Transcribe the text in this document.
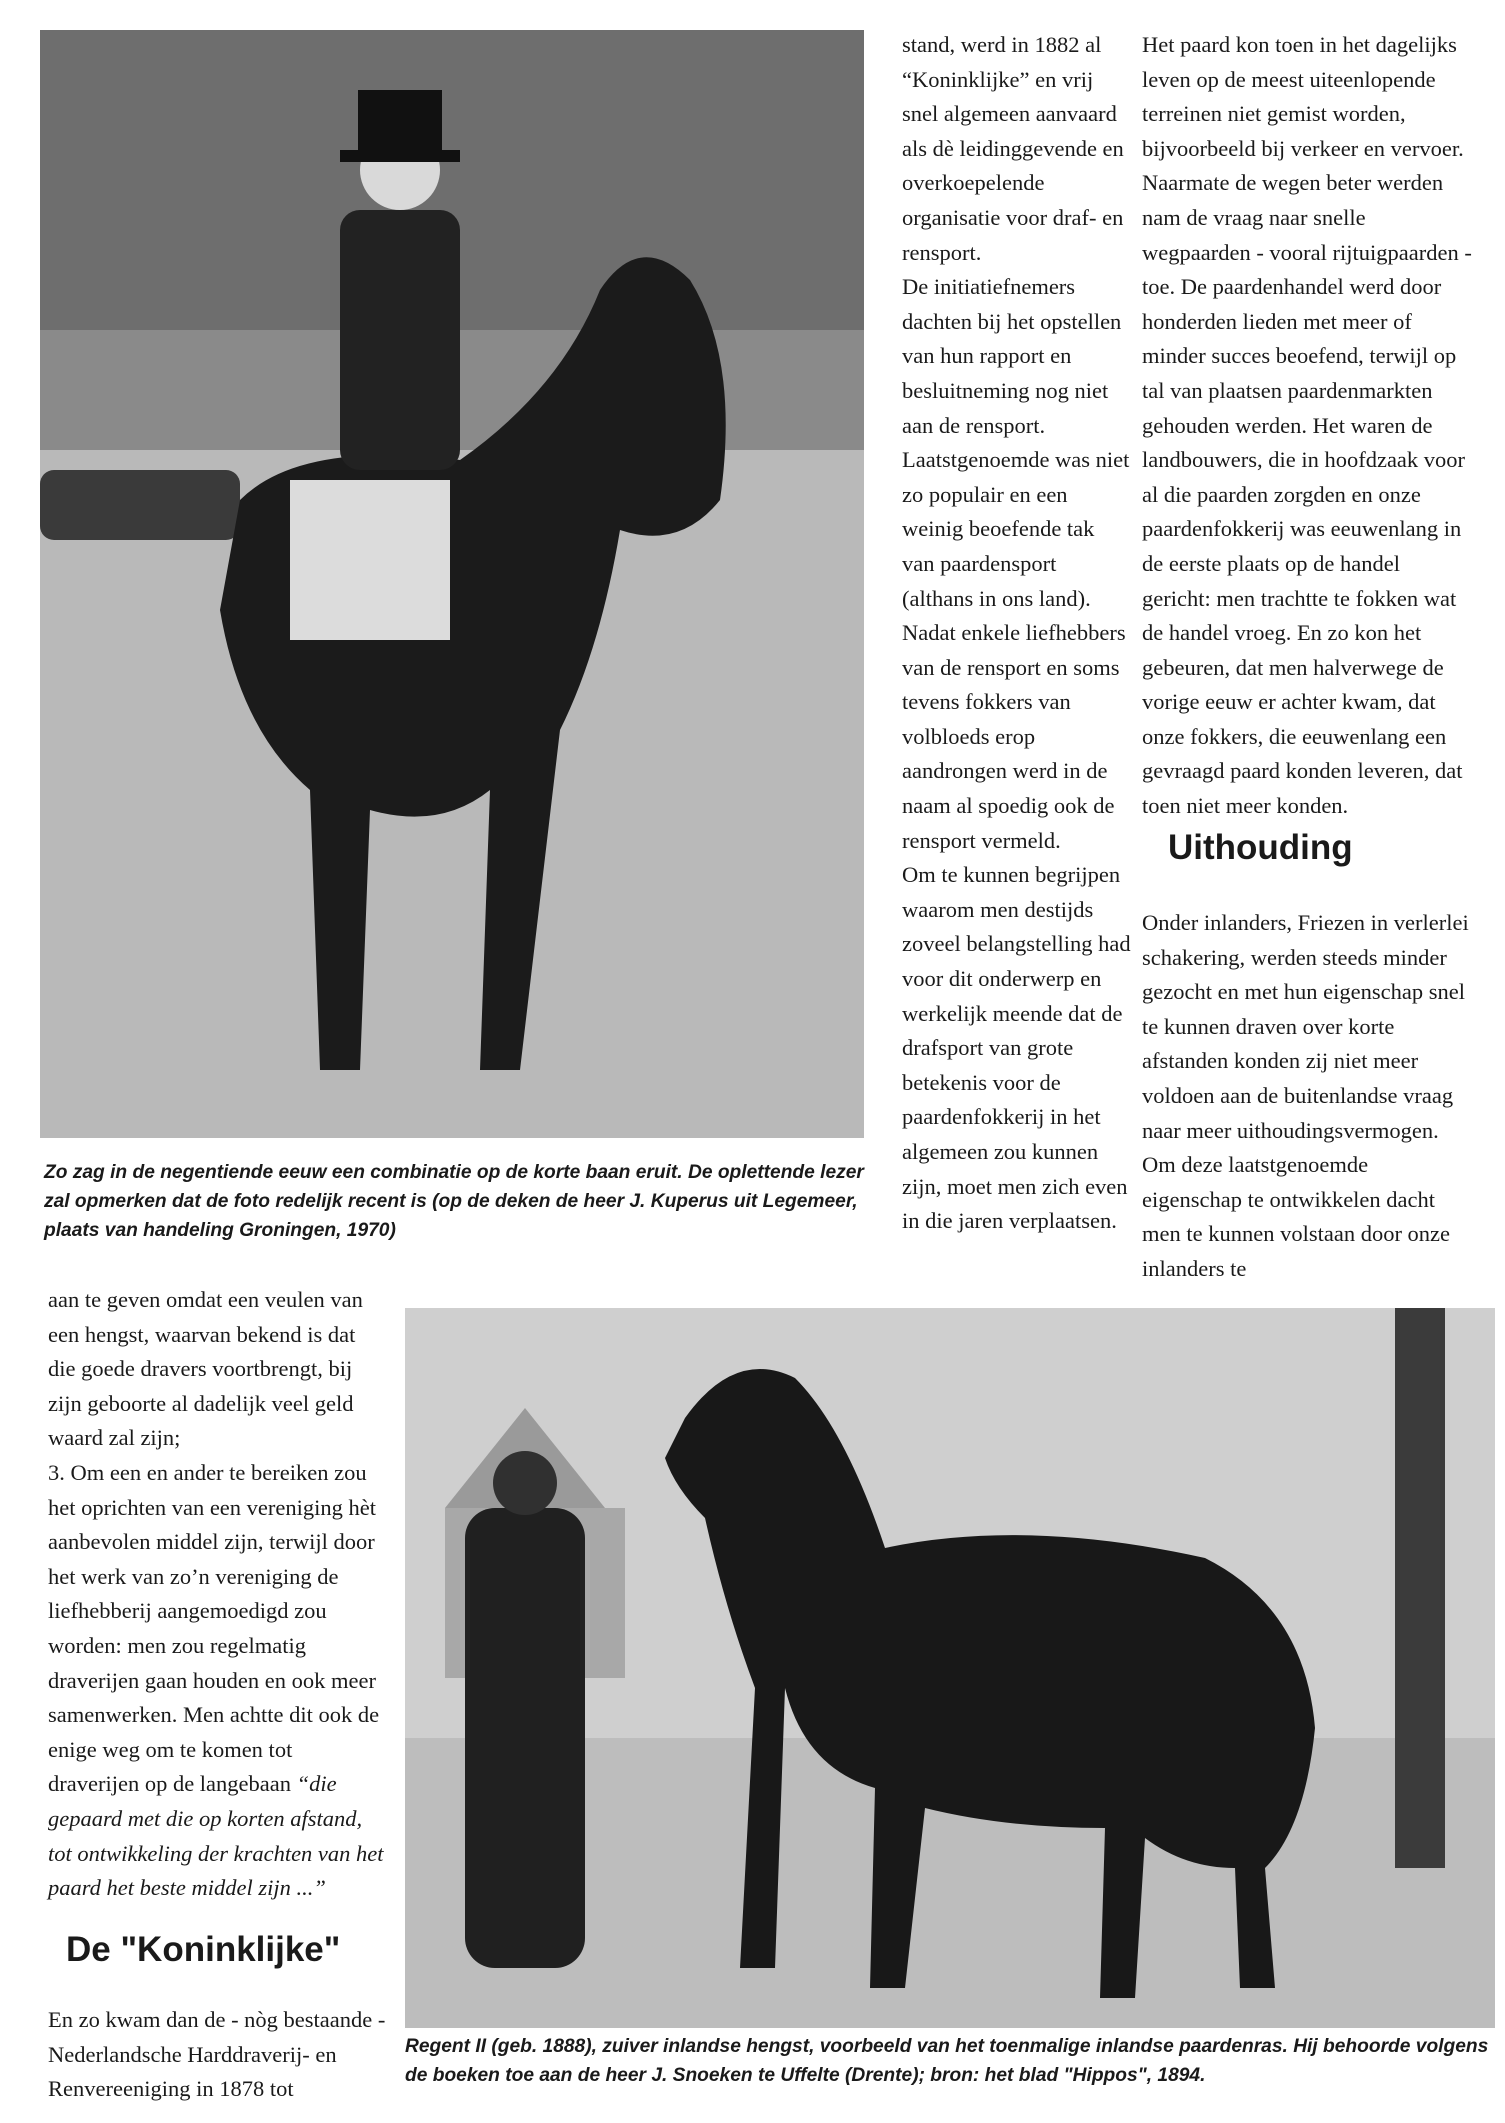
stand, werd in 1882 al “Koninklijke” en vrij snel algemeen aanvaard als dè leidinggevende en overkoepelende organisatie voor draf- en rensport.

De initiatiefnemers dachten bij het opstellen van hun rapport en besluitneming nog niet aan de rensport. Laatstgenoemde was niet zo populair en een weinig beoefende tak van paardensport (althans in ons land). Nadat enkele liefhebbers van de rensport en soms tevens fokkers van volbloeds erop aandrongen werd in de naam al spoedig ook de rensport vermeld.

Om te kunnen begrijpen waarom men destijds zoveel belangstelling had voor dit onderwerp en werkelijk meende dat de drafsport van grote betekenis voor de paardenfokkerij in het algemeen zou kunnen zijn, moet men zich even in die jaren verplaatsen.

Het paard kon toen in het dagelijks leven op de meest uiteenlopende terreinen niet gemist worden, bijvoorbeeld bij verkeer en vervoer. Naarmate de wegen beter werden nam de vraag naar snelle wegpaarden - vooral rijtuigpaarden - toe. De paardenhandel werd door honderden lieden met meer of minder succes beoefend, terwijl op tal van plaatsen paardenmarkten gehouden werden. Het waren de landbouwers, die in hoofdzaak voor al die paarden zorgden en onze paardenfokkerij was eeuwenlang in de eerste plaats op de handel gericht: men trachtte te fokken wat de handel vroeg. En zo kon het gebeuren, dat men halverwege de vorige eeuw er achter kwam, dat onze fokkers, die eeuwenlang een gevraagd paard konden leveren, dat toen niet meer konden.

Uithouding

Onder inlanders, Friezen in verlerlei schakering, werden steeds minder gezocht en met hun eigenschap snel te kunnen draven over korte afstanden konden zij niet meer voldoen aan de buitenlandse vraag naar meer uithoudingsvermogen. Om deze laatstgenoemde eigenschap te ontwikkelen dacht men te kunnen volstaan door onze inlanders te

Zo zag in de negentiende eeuw een combinatie op de korte baan eruit. De oplettende lezer zal opmerken dat de foto redelijk recent is (op de deken de heer J. Kuperus uit Legemeer, plaats van handeling Groningen, 1970)

aan te geven omdat een veulen van een hengst, waarvan bekend is dat die goede dravers voortbrengt, bij zijn geboorte al dadelijk veel geld waard zal zijn;

3. Om een en ander te bereiken zou het oprichten van een vereniging hèt aanbevolen middel zijn, terwijl door het werk van zo’n vereniging de liefhebberij aangemoedigd zou worden: men zou regelmatig draverijen gaan houden en ook meer samenwerken. Men achtte dit ook de enige weg om te komen tot draverijen op de langebaan “die gepaard met die op korten afstand, tot ontwikkeling der krachten van het paard het beste middel zijn ...”

De "Koninklijke"

En zo kwam dan de - nòg bestaande - Nederlandsche Harddraverij- en Renvereeniging in 1878 tot

Regent II (geb. 1888), zuiver inlandse hengst, voorbeeld van het toenmalige inlandse paardenras. Hij behoorde volgens de boeken toe aan de heer J. Snoeken te Uffelte (Drente); bron: het blad "Hippos", 1894.
